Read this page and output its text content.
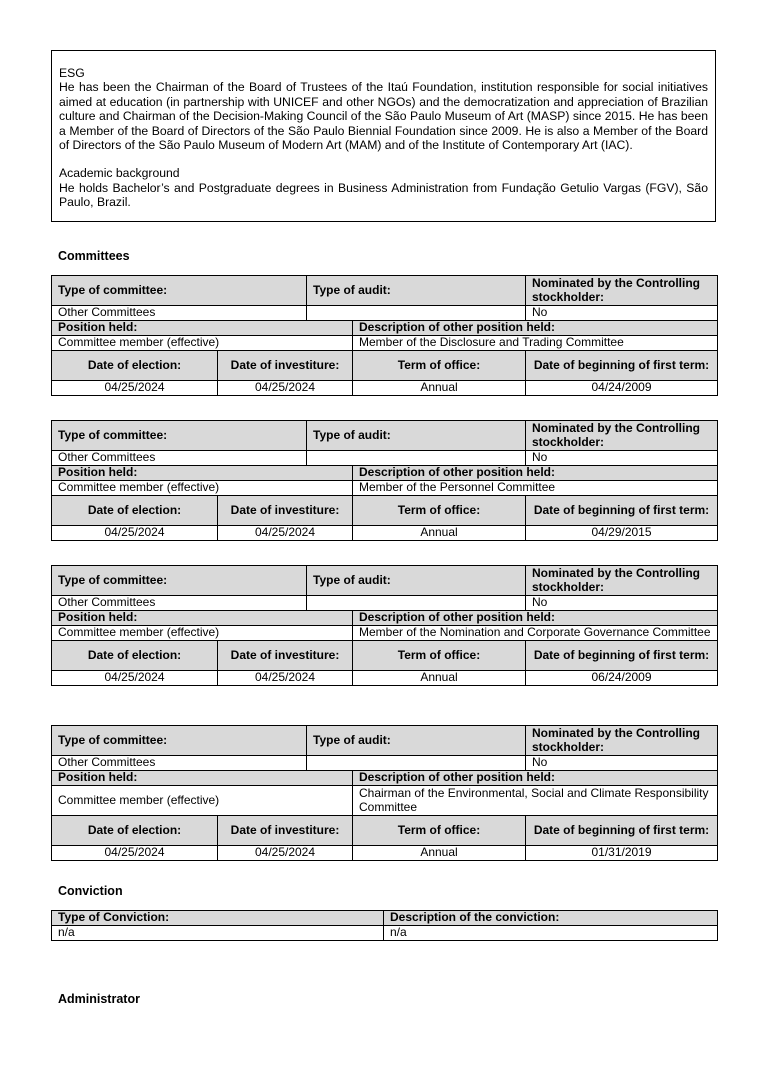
ESG

He has been the Chairman of the Board of Trustees of the Itaú Foundation, institution responsible for social initiatives aimed at education (in partnership with UNICEF and other NGOs) and the democratization and appreciation of Brazilian culture and Chairman of the Decision-Making Council of the São Paulo Museum of Art (MASP) since 2015. He has been a Member of the Board of Directors of the São Paulo Biennial Foundation since 2009. He is also a Member of the Board of Directors of the São Paulo Museum of Modern Art (MAM) and of the Institute of Contemporary Art (IAC).

Academic background

He holds Bachelor’s and Postgraduate degrees in Business Administration from Fundação Getulio Vargas (FGV), São Paulo, Brazil.

Committees
Type of committee:		Type of audit:		Nominated by the Controlling stockholder:
Other Committees				No
Position held:			Description of other position held:	
Committee member (effective)			Member of the Disclosure and Trading Committee	
Date of election:	Date of investiture:		Term of office:	Date of beginning of first term:
04/25/2024	04/25/2024		Annual	04/24/2009
Type of committee:		Type of audit:		Nominated by the Controlling stockholder:
Other Committees				No
Position held:			Description of other position held:	
Committee member (effective)			Member of the Personnel Committee	
Date of election:	Date of investiture:		Term of office:	Date of beginning of first term:
04/25/2024	04/25/2024		Annual	04/29/2015
Type of committee:		Type of audit:		Nominated by the Controlling stockholder:
Other Committees				No
Position held:			Description of other position held:	
Committee member (effective)			Member of the Nomination and Corporate Governance Committee	
Date of election:	Date of investiture:		Term of office:	Date of beginning of first term:
04/25/2024	04/25/2024		Annual	06/24/2009
Type of committee:		Type of audit:		Nominated by the Controlling stockholder:
Other Committees				No
Position held:			Description of other position held:	
Committee member (effective)			Chairman of the Environmental, Social and Climate Responsibility Committee	
Date of election:	Date of investiture:		Term of office:	Date of beginning of first term:
04/25/2024	04/25/2024		Annual	01/31/2019
Conviction
Type of Conviction:	Description of the conviction:
n/a	n/a
Administrator
